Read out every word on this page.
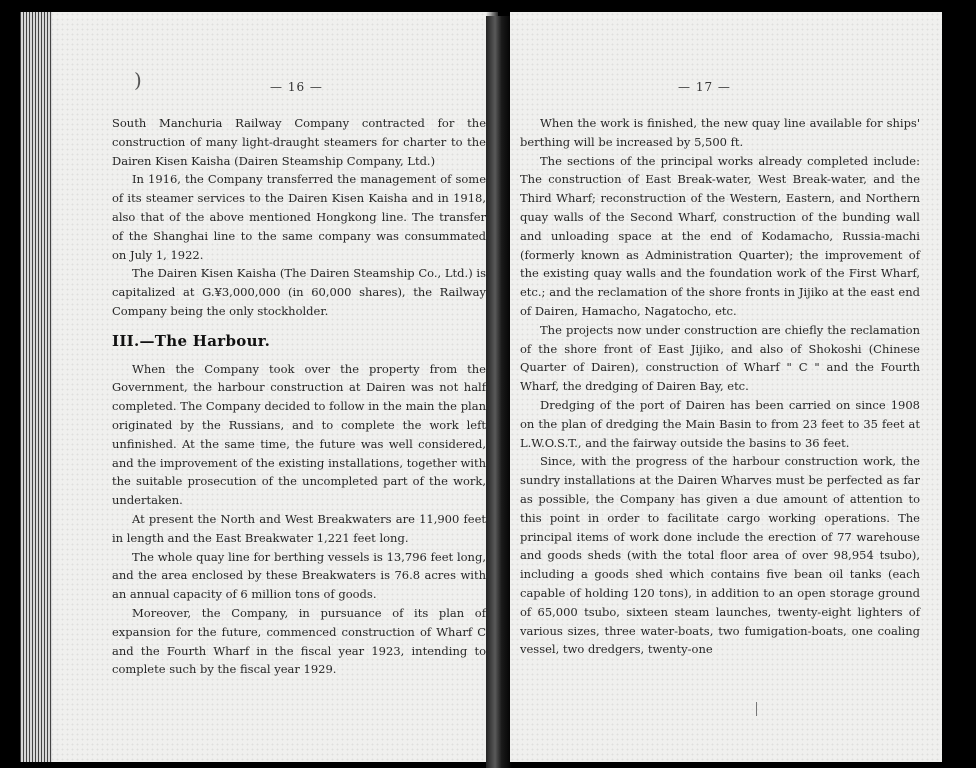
)	— 16 —

South Manchuria Railway Company contracted for the construction of many light-draught steamers for charter to the Dairen Kisen Kaisha (Dairen Steamship Company, Ltd.)

In 1916, the Company transferred the management of some of its steamer services to the Dairen Kisen Kaisha and in 1918, also that of the above mentioned Hongkong line. The transfer of the Shanghai line to the same company was consummated on July 1, 1922.

The Dairen Kisen Kaisha (The Dairen Steamship Co., Ltd.) is capitalized at G.¥3,000,000 (in 60,000 shares), the Railway Company being the only stockholder.

III.—The Harbour.

When the Company took over the property from the Government, the harbour construction at Dairen was not half completed. The Company decided to follow in the main the plan originated by the Russians, and to complete the work left unfinished. At the same time, the future was well considered, and the improvement of the existing installations, together with the suitable prosecution of the uncompleted part of the work, undertaken.

At present the North and West Breakwaters are 11,900 feet in length and the East Breakwater 1,221 feet long.

The whole quay line for berthing vessels is 13,796 feet long, and the area enclosed by these Breakwaters is 76.8 acres with an annual capacity of 6 million tons of goods.

Moreover, the Company, in pursuance of its plan of expansion for the future, commenced construction of Wharf C and the Fourth Wharf in the fiscal year 1923, intending to complete such by the fiscal year 1929.

— 17 —

When the work is finished, the new quay line available for ships' berthing will be increased by 5,500 ft.

The sections of the principal works already completed include: The construction of East Break-water, West Break-water, and the Third Wharf; reconstruction of the Western, Eastern, and Northern quay walls of the Second Wharf, construction of the bunding wall and unloading space at the end of Kodamacho, Russia-machi (formerly known as Administration Quarter); the improvement of the existing quay walls and the foundation work of the First Wharf, etc.; and the reclamation of the shore fronts in Jijiko at the east end of Dairen, Hamacho, Nagatocho, etc.

The projects now under construction are chiefly the reclamation of the shore front of East Jijiko, and also of Shokoshi (Chinese Quarter of Dairen), construction of Wharf " C " and the Fourth Wharf, the dredging of Dairen Bay, etc.

Dredging of the port of Dairen has been carried on since 1908 on the plan of dredging the Main Basin to from 23 feet to 35 feet at L.W.O.S.T., and the fairway outside the basins to 36 feet.

Since, with the progress of the harbour construction work, the sundry installations at the Dairen Wharves must be perfected as far as possible, the Company has given a due amount of attention to this point in order to facilitate cargo working operations. The principal items of work done include the erection of 77 warehouse and goods sheds (with the total floor area of over 98,954 tsubo), including a goods shed which contains five bean oil tanks (each capable of holding 120 tons), in addition to an open storage ground of 65,000 tsubo, sixteen steam launches, twenty-eight lighters of various sizes, three water-boats, two fumigation-boats, one coaling vessel, two dredgers, twenty-one
